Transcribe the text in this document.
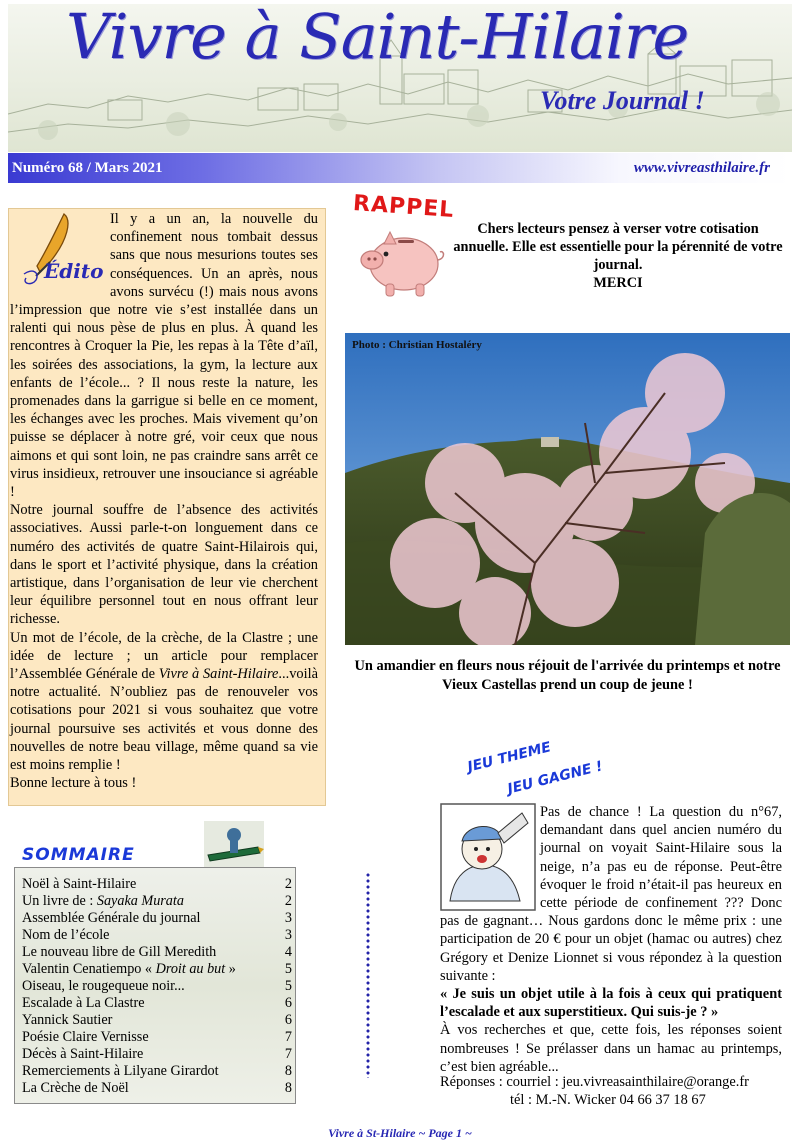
Vivre à Saint-Hilaire
Votre Journal !
Numéro 68 / Mars 2021	www.vivreasthilaire.fr
Édito
Il y a un an, la nouvelle du confinement nous tombait dessus sans que nous mesurions toutes ses conséquences. Un an après, nous avons survécu (!) mais nous avons l’impression que notre vie s’est installée dans un ralenti qui nous pèse de plus en plus. À quand les rencontres à Croquer la Pie, les repas à la Tête d’aïl, les soirées des associations, la gym, la lecture aux enfants de l’école... ? Il nous reste la nature, les promenades dans la garrigue si belle en ce moment, les échanges avec les proches. Mais vivement qu’on puisse se déplacer à notre gré, voir ceux que nous aimons et qui sont loin, ne pas craindre sans arrêt ce virus insidieux, retrouver une insouciance si agréable !
Notre journal souffre de l’absence des activités associatives. Aussi parle-t-on longuement dans ce numéro des activités de quatre Saint-Hilairois qui, dans le sport et l’activité physique, dans la création artistique, dans l’organisation de leur vie cherchent leur équilibre personnel tout en nous offrant leur richesse.
Un mot de l’école, de la crèche, de la Clastre ; une idée de lecture ; un article pour remplacer l’Assemblée Générale de Vivre à Saint-Hilaire...voilà notre actualité. N’oubliez pas de renouveler vos cotisations pour 2021 si vous souhaitez que votre journal poursuive ses activités et vous donne des nouvelles de notre beau village, même quand sa vie est moins remplie !
Bonne lecture à tous !
RAPPEL
Chers lecteurs pensez à verser votre cotisation annuelle. Elle est essentielle pour la pérennité de votre journal.
MERCI
Photo : Christian Hostaléry
Un amandier en fleurs nous réjouit de l'arrivée du printemps et notre Vieux Castellas prend un coup de jeune !
JEU THEME
JEU GAGNE !
Pas de chance ! La question du n°67, demandant dans quel ancien numéro du journal on voyait Saint-Hilaire sous la neige, n’a pas eu de réponse. Peut-être évoquer le froid n’était-il pas heureux en cette période de confinement ??? Donc pas de gagnant… Nous gardons donc le même prix : une participation de 20 € pour un objet (hamac ou autres) chez Grégory et Denize Lionnet si vous répondez à la question suivante :
« Je suis un objet utile à la fois à ceux qui pratiquent l’escalade et aux superstitieux. Qui suis-je ? »
À vos recherches et que, cette fois, les réponses soient nombreuses ! Se prélasser dans un hamac au printemps, c’est bien agréable...
Réponses : courriel : jeu.vivreasainthilaire@orange.fr
tél : M.-N. Wicker 04 66 37 18 67
SOMMAIRE
Noël à Saint-Hilaire	2
Un livre de : Sayaka Murata	2
Assemblée Générale du journal	3
Nom de l’école	3
Le nouveau libre de Gill Meredith	4
Valentin Cenatiempo « Droit au but »	5
Oiseau, le rougequeue noir...	5
Escalade à La Clastre	6
Yannick Sautier	6
Poésie Claire Vernisse	7
Décès à Saint-Hilaire	7
Remerciements à Lilyane Girardot	8
La Crèche de Noël	8
Vivre à St-Hilaire ~ Page 1 ~
